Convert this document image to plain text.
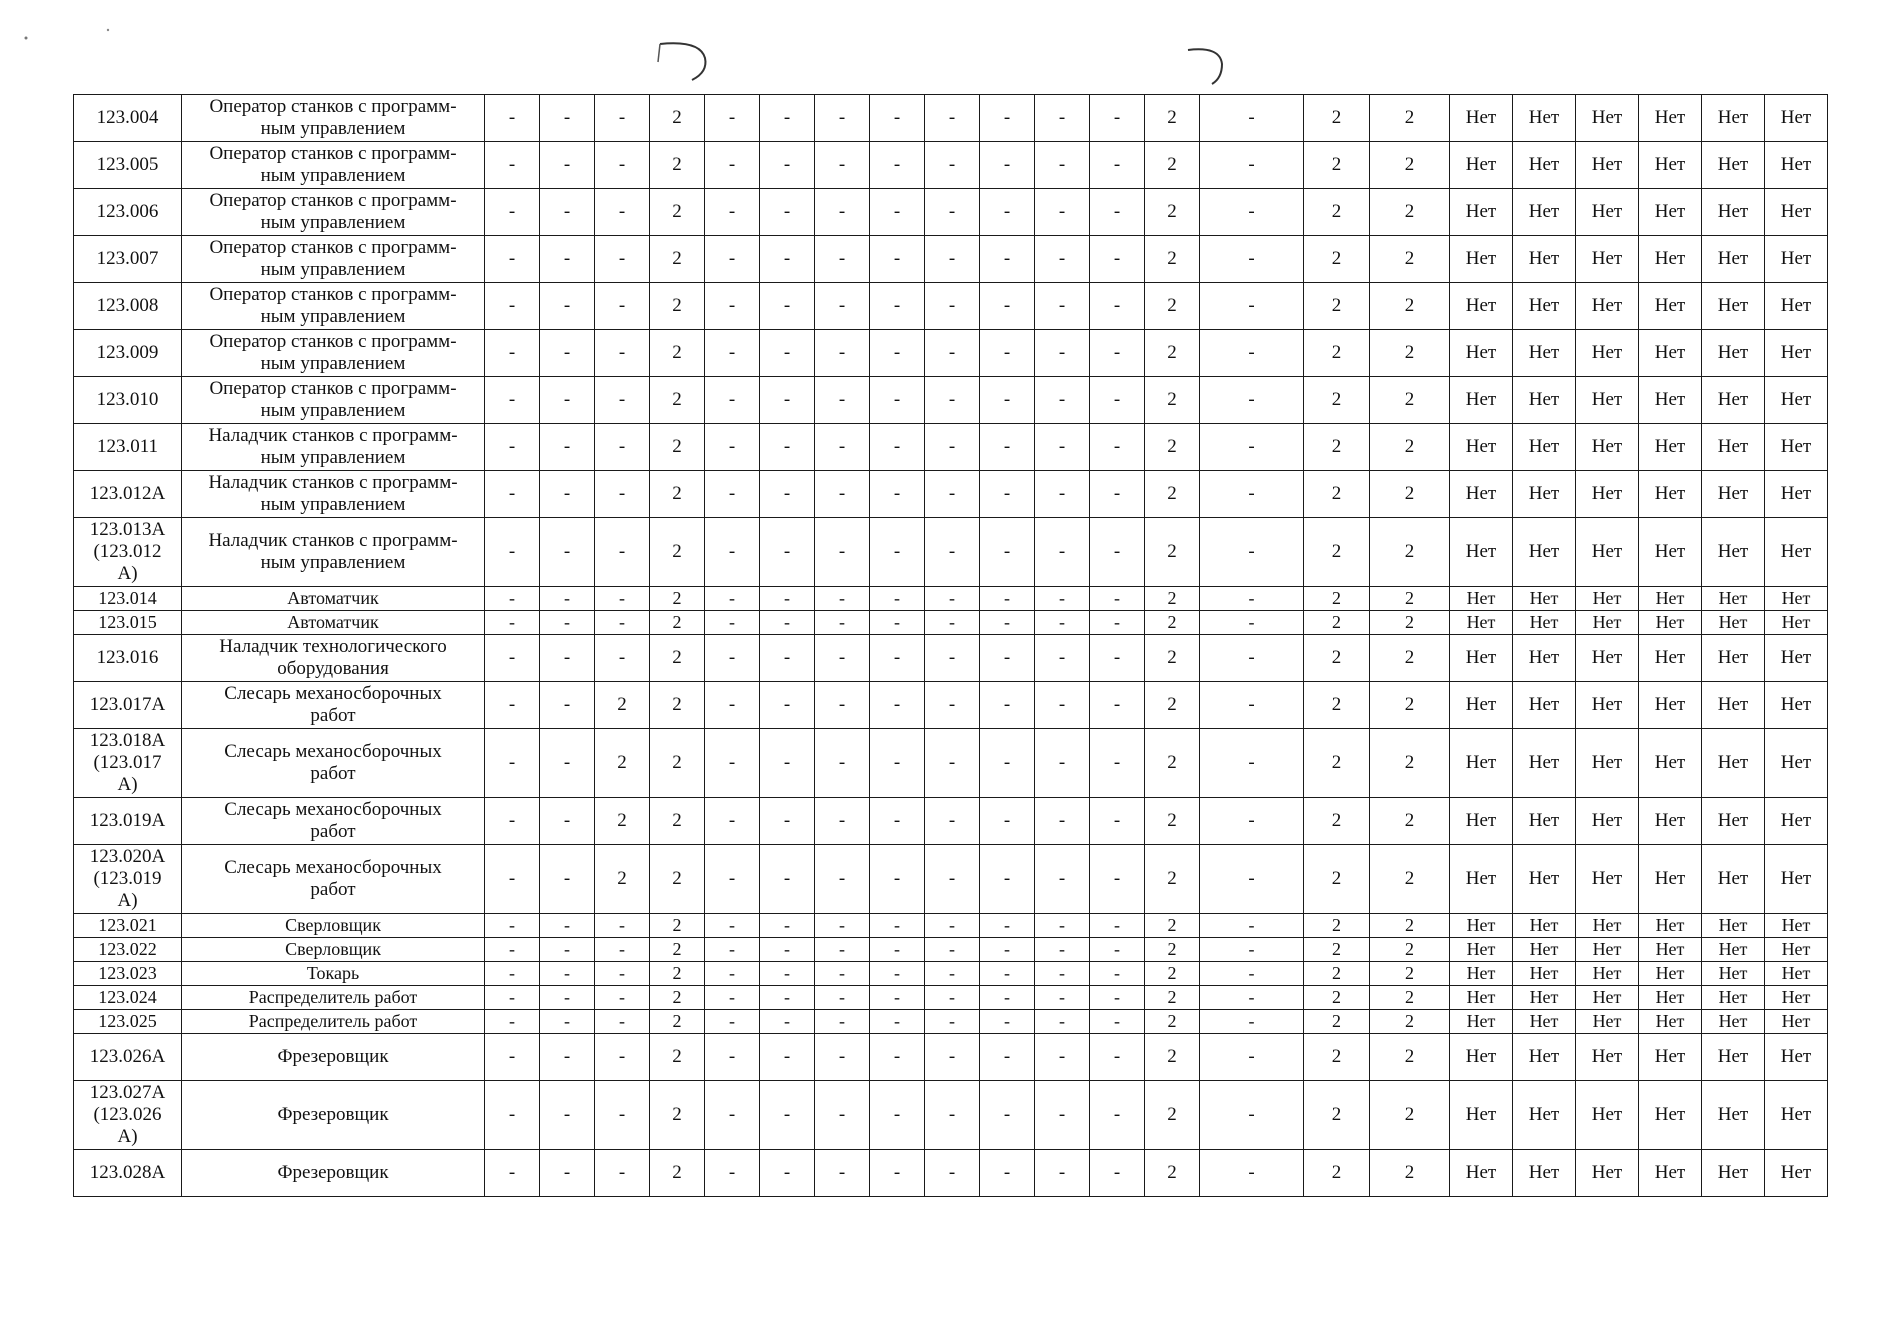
123.004	Оператор станков с программ-
ным управлением	-	-	-	2	-	-	-	-	-	-	-	-	2	-	2	2	Нет	Нет	Нет	Нет	Нет	Нет
123.005	Оператор станков с программ-
ным управлением	-	-	-	2	-	-	-	-	-	-	-	-	2	-	2	2	Нет	Нет	Нет	Нет	Нет	Нет
123.006	Оператор станков с программ-
ным управлением	-	-	-	2	-	-	-	-	-	-	-	-	2	-	2	2	Нет	Нет	Нет	Нет	Нет	Нет
123.007	Оператор станков с программ-
ным управлением	-	-	-	2	-	-	-	-	-	-	-	-	2	-	2	2	Нет	Нет	Нет	Нет	Нет	Нет
123.008	Оператор станков с программ-
ным управлением	-	-	-	2	-	-	-	-	-	-	-	-	2	-	2	2	Нет	Нет	Нет	Нет	Нет	Нет
123.009	Оператор станков с программ-
ным управлением	-	-	-	2	-	-	-	-	-	-	-	-	2	-	2	2	Нет	Нет	Нет	Нет	Нет	Нет
123.010	Оператор станков с программ-
ным управлением	-	-	-	2	-	-	-	-	-	-	-	-	2	-	2	2	Нет	Нет	Нет	Нет	Нет	Нет
123.011	Наладчик станков с программ-
ным управлением	-	-	-	2	-	-	-	-	-	-	-	-	2	-	2	2	Нет	Нет	Нет	Нет	Нет	Нет
123.012А	Наладчик станков с программ-
ным управлением	-	-	-	2	-	-	-	-	-	-	-	-	2	-	2	2	Нет	Нет	Нет	Нет	Нет	Нет
123.013А
(123.012
А)	Наладчик станков с программ-
ным управлением	-	-	-	2	-	-	-	-	-	-	-	-	2	-	2	2	Нет	Нет	Нет	Нет	Нет	Нет
123.014	Автоматчик	-	-	-	2	-	-	-	-	-	-	-	-	2	-	2	2	Нет	Нет	Нет	Нет	Нет	Нет
123.015	Автоматчик	-	-	-	2	-	-	-	-	-	-	-	-	2	-	2	2	Нет	Нет	Нет	Нет	Нет	Нет
123.016	Наладчик технологического
оборудования	-	-	-	2	-	-	-	-	-	-	-	-	2	-	2	2	Нет	Нет	Нет	Нет	Нет	Нет
123.017А	Слесарь механосборочных
работ	-	-	2	2	-	-	-	-	-	-	-	-	2	-	2	2	Нет	Нет	Нет	Нет	Нет	Нет
123.018А
(123.017
А)	Слесарь механосборочных
работ	-	-	2	2	-	-	-	-	-	-	-	-	2	-	2	2	Нет	Нет	Нет	Нет	Нет	Нет
123.019А	Слесарь механосборочных
работ	-	-	2	2	-	-	-	-	-	-	-	-	2	-	2	2	Нет	Нет	Нет	Нет	Нет	Нет
123.020А
(123.019
А)	Слесарь механосборочных
работ	-	-	2	2	-	-	-	-	-	-	-	-	2	-	2	2	Нет	Нет	Нет	Нет	Нет	Нет
123.021	Сверловщик	-	-	-	2	-	-	-	-	-	-	-	-	2	-	2	2	Нет	Нет	Нет	Нет	Нет	Нет
123.022	Сверловщик	-	-	-	2	-	-	-	-	-	-	-	-	2	-	2	2	Нет	Нет	Нет	Нет	Нет	Нет
123.023	Токарь	-	-	-	2	-	-	-	-	-	-	-	-	2	-	2	2	Нет	Нет	Нет	Нет	Нет	Нет
123.024	Распределитель работ	-	-	-	2	-	-	-	-	-	-	-	-	2	-	2	2	Нет	Нет	Нет	Нет	Нет	Нет
123.025	Распределитель работ	-	-	-	2	-	-	-	-	-	-	-	-	2	-	2	2	Нет	Нет	Нет	Нет	Нет	Нет
123.026А	Фрезеровщик	-	-	-	2	-	-	-	-	-	-	-	-	2	-	2	2	Нет	Нет	Нет	Нет	Нет	Нет
123.027А
(123.026
А)	Фрезеровщик	-	-	-	2	-	-	-	-	-	-	-	-	2	-	2	2	Нет	Нет	Нет	Нет	Нет	Нет
123.028А	Фрезеровщик	-	-	-	2	-	-	-	-	-	-	-	-	2	-	2	2	Нет	Нет	Нет	Нет	Нет	Нет
